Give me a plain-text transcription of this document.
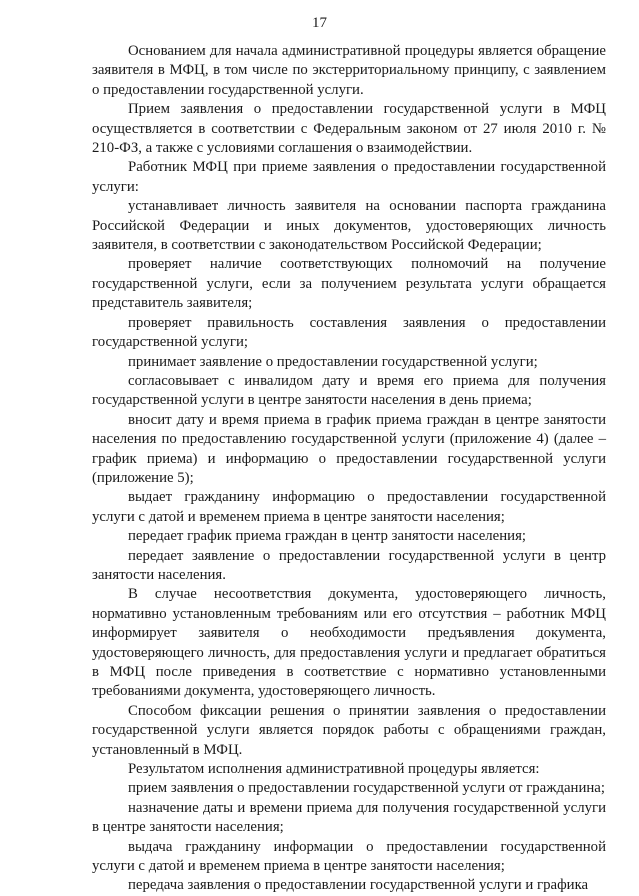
17

Основанием для начала административной процедуры является обращение заявителя в МФЦ, в том числе по экстерриториальному принципу, с заявлением о предоставлении государственной услуги.

Прием заявления о предоставлении государственной услуги в МФЦ осуществляется в соответствии с Федеральным законом от 27 июля 2010 г. № 210-ФЗ, а также с условиями соглашения о взаимодействии.

Работник МФЦ при приеме заявления о предоставлении государственной услуги:

устанавливает личность заявителя на основании паспорта гражданина Российской Федерации и иных документов, удостоверяющих личность заявителя, в соответствии с законодательством Российской Федерации;

проверяет наличие соответствующих полномочий на получение государственной услуги, если за получением результата услуги обращается представитель заявителя;

проверяет правильность составления заявления о предоставлении государственной услуги;

принимает заявление о предоставлении государственной услуги;

согласовывает с инвалидом дату и время его приема для получения государственной услуги в центре занятости населения в день приема;

вносит дату и время приема в график приема граждан в центре занятости населения по предоставлению государственной услуги (приложение 4) (далее – график приема) и информацию о предоставлении государственной услуги (приложение 5);

выдает гражданину информацию о предоставлении государственной услуги с датой и временем приема в центре занятости населения;

передает график приема граждан в центр занятости населения;

передает заявление о предоставлении государственной услуги в центр занятости населения.

В случае несоответствия документа, удостоверяющего личность, нормативно установленным требованиям или его отсутствия – работник МФЦ информирует заявителя о необходимости предъявления документа, удостоверяющего личность, для предоставления услуги и предлагает обратиться в МФЦ после приведения в соответствие с нормативно установленными требованиями документа, удостоверяющего личность.

Способом фиксации решения о принятии заявления о предоставлении государственной услуги является порядок работы с обращениями граждан, установленный в МФЦ.

Результатом исполнения административной процедуры является:

прием заявления о предоставлении государственной услуги от гражданина;

назначение даты и времени приема для получения государственной услуги в центре занятости населения;

выдача гражданину информации о предоставлении государственной услуги с датой и временем приема в центре занятости населения;

передача заявления о предоставлении государственной услуги и графика
